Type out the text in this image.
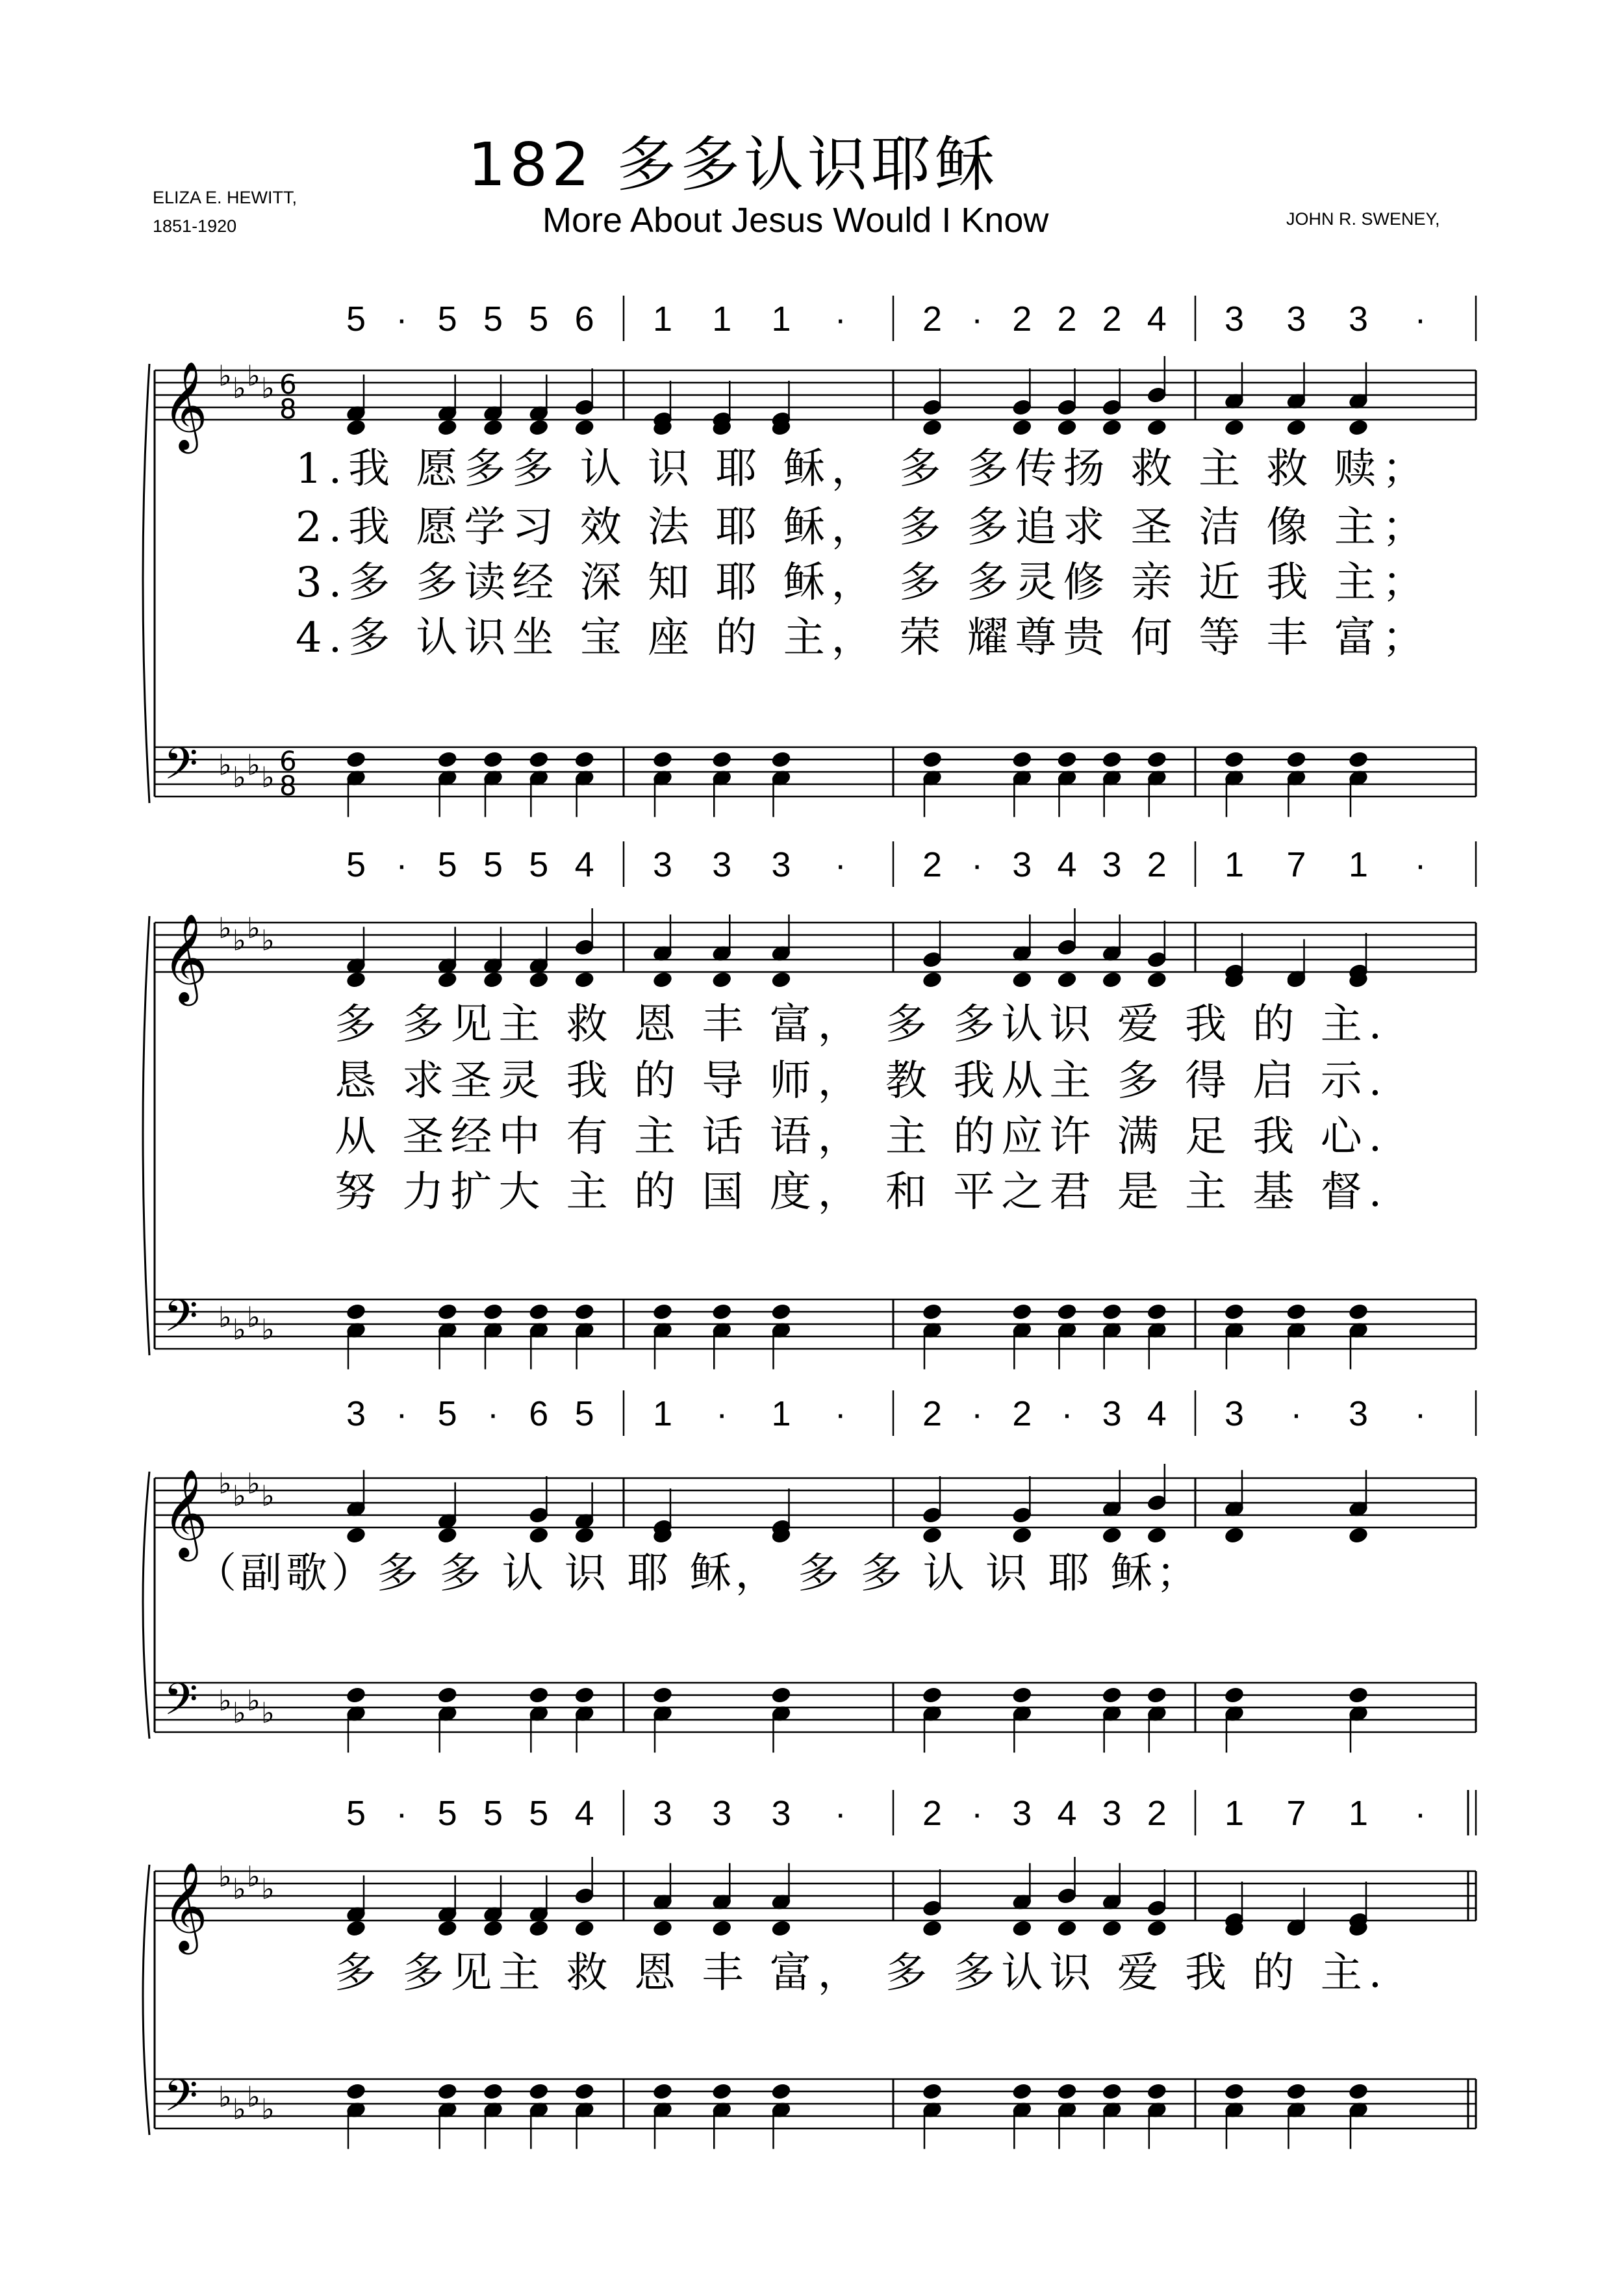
182 多多认识耶稣
More About Jesus Would I Know
ELIZA E. HEWITT,
1851-1920	JOHN R. SWENEY,
5 · 5 5 5 6 1 1 1	·	2 · 2 2 2 4 3 3 3	·
1.我 愿多多 认 识 耶 稣， 多 多传扬 救 主 救 赎；
2.我 愿学习 效 法 耶 稣， 多 多追求 圣 洁 像 主；
3.多 多读经 深 知 耶 稣， 多 多灵修 亲 近 我 主；
4.多 认识坐 宝 座 的 主， 荣 耀尊贵 何 等 丰 富；
5 · 5 5 5 4 3 3 3	·	2 · 3 4 3 2 1 7 1	·
多 多见主 救 恩 丰 富， 多 多认识 爱 我 的 主.
恳 求圣灵 我 的 导 师， 教 我从主 多 得 启 示.
从 圣经中 有 主 话 语， 主 的应许 满 足 我 心.
努 力扩大 主 的 国 度， 和 平之君 是 主 基 督.
3 · 5 · 6 5 1	·	1	·	2 · 2 · 3 4 3	·	3	·
（副歌）多 多 认 识 耶 稣， 多 多 认 识 耶 稣；
5 · 5 5 5 4 3 3 3	·	2 · 3 4 3 2 1 7 1	·
多 多见主 救 恩 丰 富， 多 多认识 爱 我 的 主.
𝄞
𝄢
♭
♭
♭
♭
♭
♭
♭
♭
6
8
6
8
𝄞
𝄢
♭
♭
♭
♭
♭
♭
♭
♭
𝄞
𝄢
♭
♭
♭
♭
♭
♭
♭
♭
𝄞
𝄢
♭
♭
♭
♭
♭
♭
♭
♭
